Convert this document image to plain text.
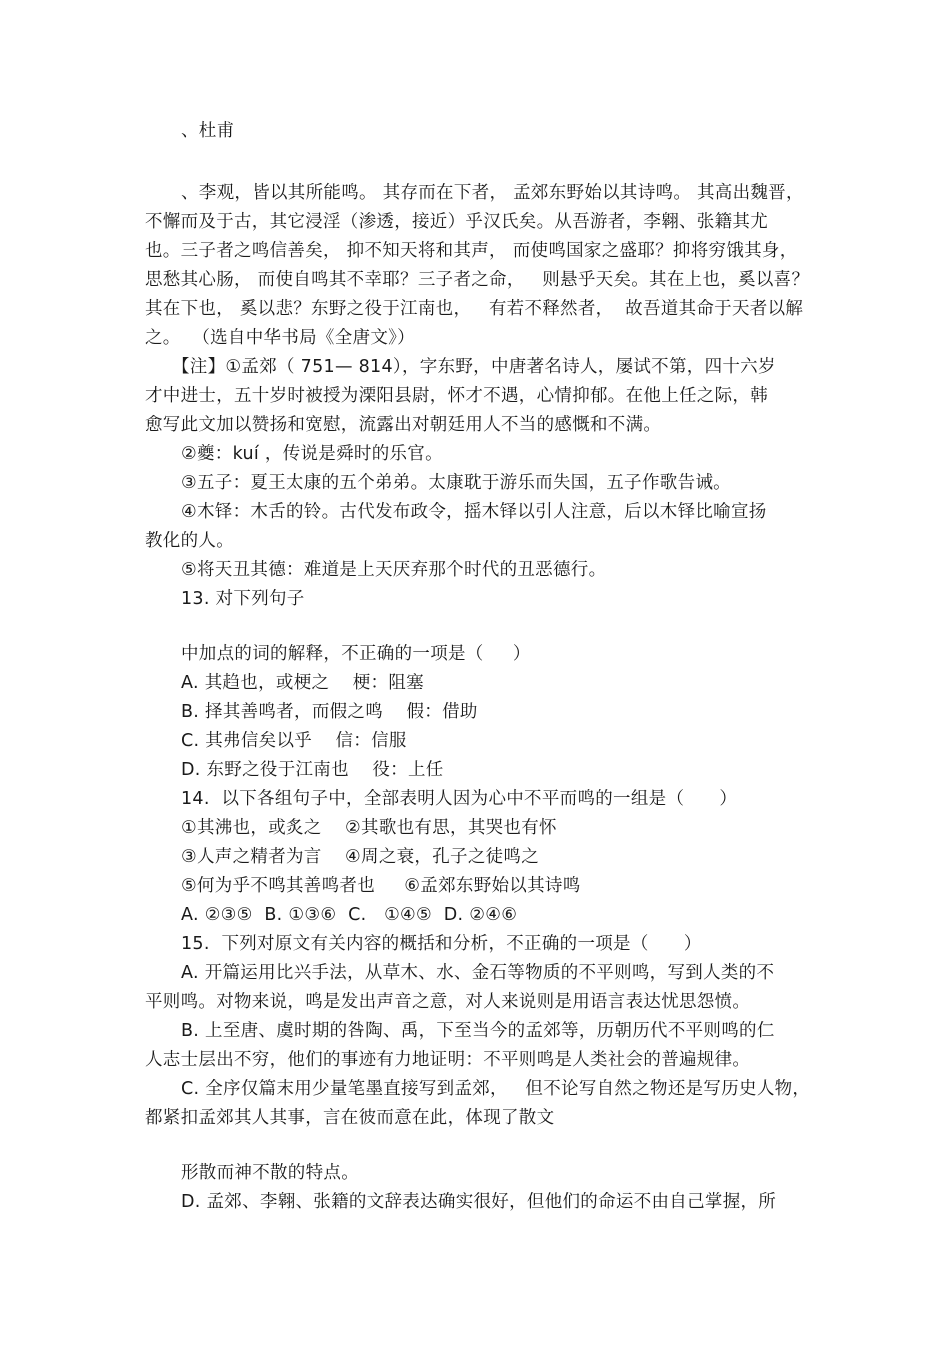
、杜甫
、李观，皆以其所能鸣。 其存而在下者， 孟郊东野始以其诗鸣。 其高出魏晋，
不懈而及于古，其它浸淫（渗透，接近）乎汉氏矣。从吾游者，李翱、张籍其尤
也。三子者之鸣信善矣， 抑不知天将和其声， 而使鸣国家之盛耶？抑将穷饿其身，
思愁其心肠， 而使自鸣其不幸耶？三子者之命，   则悬乎天矣。其在上也，奚以喜？
其在下也， 奚以悲？东野之役于江南也，   有若不释然者，  故吾道其命于天者以解
之。  （选自中华书局《全唐文》）
【注】①孟郊（ 751— 814），字东野，中唐著名诗人，屡试不第，四十六岁
才中进士，五十岁时被授为溧阳县尉，怀才不遇，心情抑郁。在他上任之际，韩
愈写此文加以赞扬和宽慰，流露出对朝廷用人不当的感慨和不满。
②夔：kuí ，传说是舜时的乐官。
③五子：夏王太康的五个弟弟。太康耽于游乐而失国，五子作歌告诫。
④木铎：木舌的铃。古代发布政令，摇木铎以引人注意，后以木铎比喻宣扬
教化的人。
⑤将天丑其德：难道是上天厌弃那个时代的丑恶德行。
13. 对下列句子
中加点的词的解释，不正确的一项是（     ）
A. 其趋也，或梗之    梗：阻塞
B. 择其善鸣者，而假之鸣    假：借助
C. 其弗信矣以乎    信：信服
D. 东野之役于江南也    役：上任
14.  以下各组句子中，全部表明人因为心中不平而鸣的一组是（      ）
①其沸也，或炙之    ②其歌也有思，其哭也有怀
③人声之精者为言    ④周之衰，孔子之徒鸣之
⑤何为乎不鸣其善鸣者也     ⑥孟郊东野始以其诗鸣
A. ②③⑤  B. ①③⑥  C.   ①④⑤  D. ②④⑥
15.  下列对原文有关内容的概括和分析，不正确的一项是（      ）
A. 开篇运用比兴手法，从草木、水、金石等物质的不平则鸣，写到人类的不
平则鸣。对物来说，鸣是发出声音之意，对人来说则是用语言表达忧思怨愤。
B. 上至唐、虞时期的咎陶、禹，下至当今的孟郊等，历朝历代不平则鸣的仁
人志士层出不穷，他们的事迹有力地证明：不平则鸣是人类社会的普遍规律。
C. 全序仅篇末用少量笔墨直接写到孟郊，   但不论写自然之物还是写历史人物，
都紧扣孟郊其人其事，言在彼而意在此，体现了散文
形散而神不散的特点。
D. 孟郊、李翱、张籍的文辞表达确实很好，但他们的命运不由自己掌握，所
